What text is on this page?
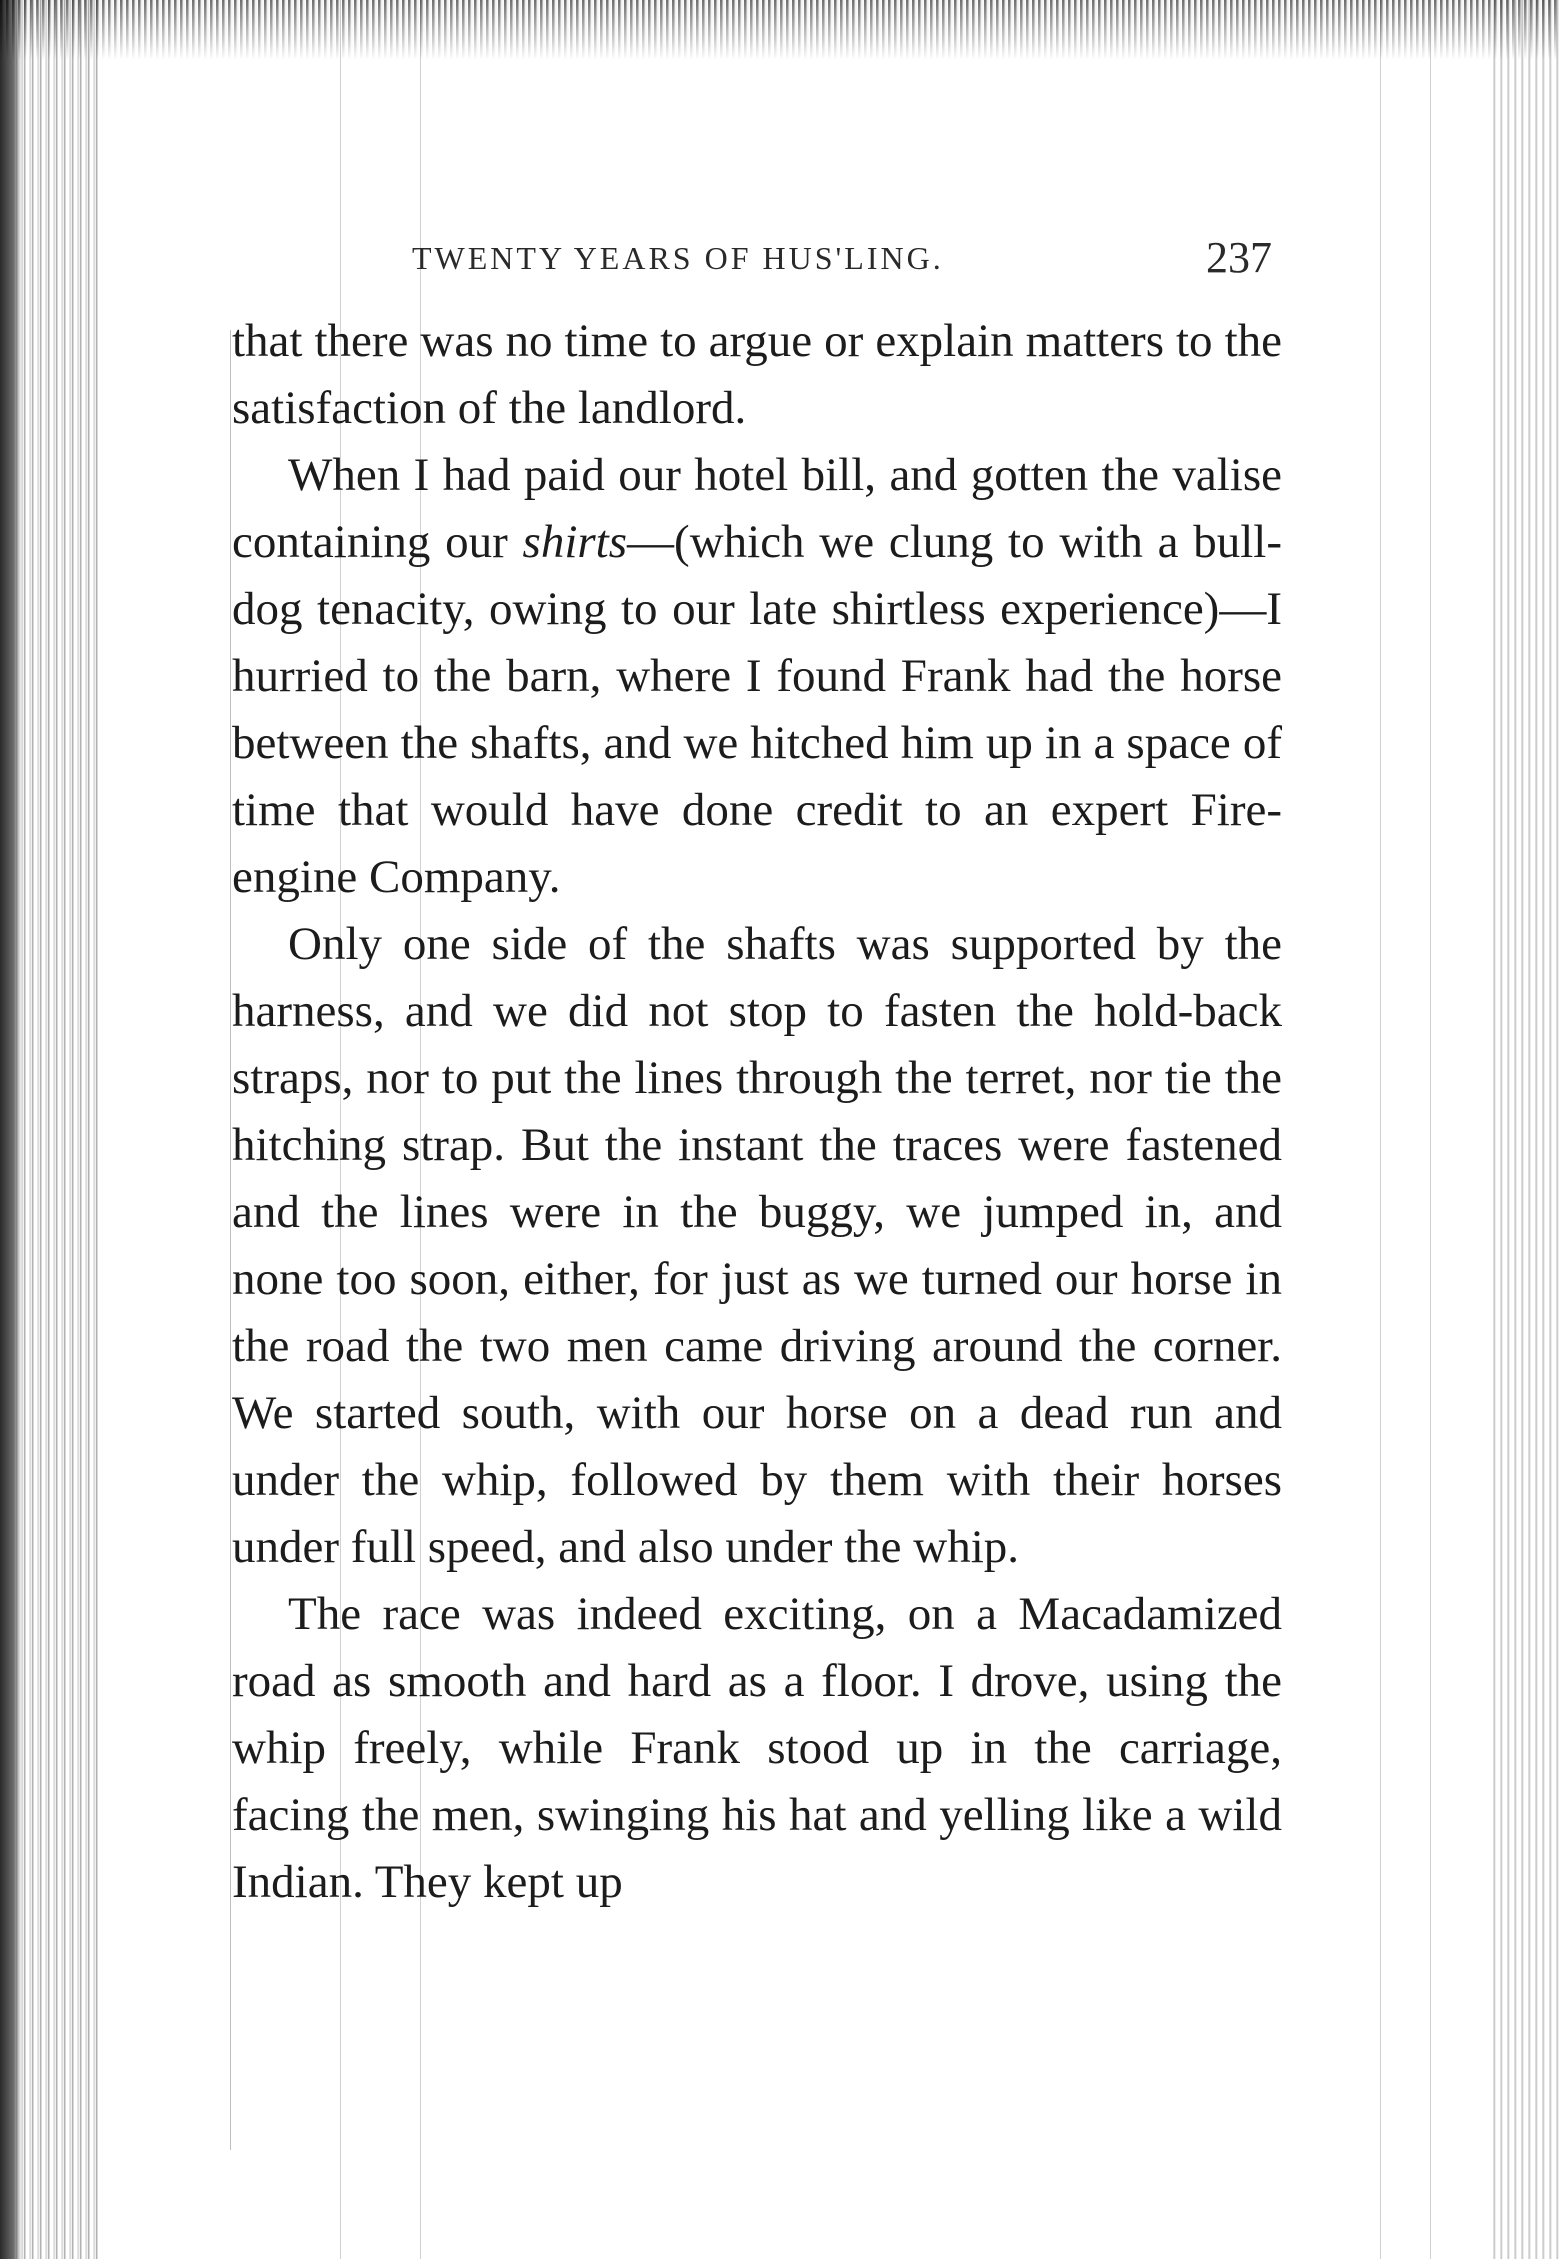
TWENTY YEARS OF HUS'LING.	237

that there was no time to argue or explain matters to the satisfaction of the landlord.

When I had paid our hotel bill, and gotten the valise containing our shirts—(which we clung to with a bull-dog tenacity, owing to our late shirtless experience)—I hurried to the barn, where I found Frank had the horse between the shafts, and we hitched him up in a space of time that would have done credit to an expert Fire-engine Company.

Only one side of the shafts was supported by the harness, and we did not stop to fasten the hold-back straps, nor to put the lines through the terret, nor tie the hitching strap. But the instant the traces were fastened and the lines were in the buggy, we jumped in, and none too soon, either, for just as we turned our horse in the road the two men came driving around the corner. We started south, with our horse on a dead run and under the whip, followed by them with their horses under full speed, and also under the whip.

The race was indeed exciting, on a Macadamized road as smooth and hard as a floor. I drove, using the whip freely, while Frank stood up in the carriage, facing the men, swinging his hat and yelling like a wild Indian. They kept up
